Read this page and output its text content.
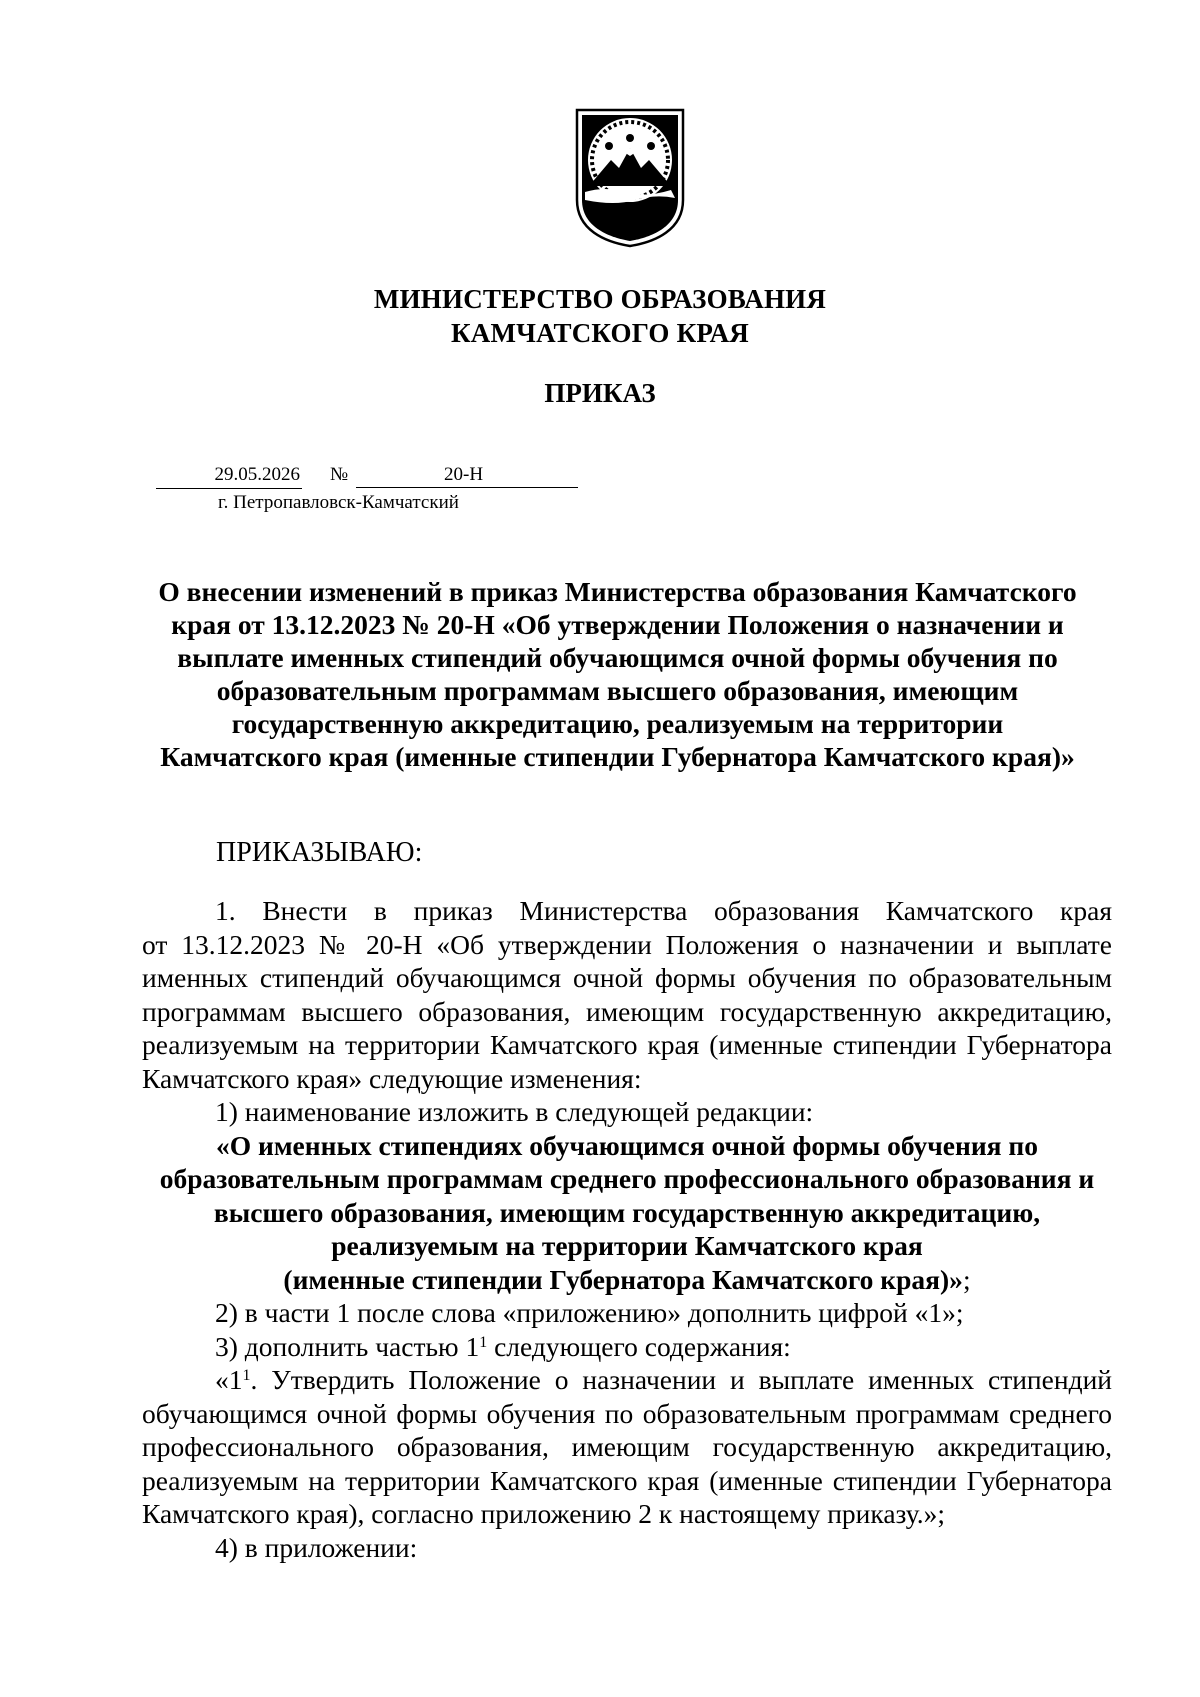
МИНИСТЕРСТВО ОБРАЗОВАНИЯ
КАМЧАТСКОГО КРАЯ
ПРИКАЗ
29.05.2026 №	20-Н
г. Петропавловск-Камчатский
О внесении изменений в приказ Министерства образования Камчатского
края от 13.12.2023 № 20-Н «Об утверждении Положения о назначении и
выплате именных стипендий обучающимся очной формы обучения по
образовательным программам высшего образования, имеющим
государственную аккредитацию, реализуемым на территории
Камчатского края (именные стипендии Губернатора Камчатского края)»
ПРИКАЗЫВАЮ:

1. Внести в приказ Министерства образования Камчатского края

от 13.12.2023 № 20-Н «Об утверждении Положения о назначении и выплате

именных стипендий обучающимся очной формы обучения по образовательным

программам высшего образования, имеющим государственную аккредитацию,

реализуемым на территории Камчатского края (именные стипендии Губернатора

Камчатского края» следующие изменения:

1) наименование изложить в следующей редакции:

«О именных стипендиях обучающимся очной формы обучения по
образовательным программам среднего профессионального образования и
высшего образования, имеющим государственную аккредитацию,
реализуемым на территории Камчатского края
(именные стипендии Губернатора Камчатского края)»;

2) в части 1 после слова «приложению» дополнить цифрой «1»;

3) дополнить частью $1^1$ следующего содержания:

«$1^1$. Утвердить Положение о назначении и выплате именных стипендий

обучающимся очной формы обучения по образовательным программам среднего

профессионального образования, имеющим государственную аккредитацию,

реализуемым на территории Камчатского края (именные стипендии Губернатора

Камчатского края), согласно приложению 2 к настоящему приказу.»;

4) в приложении:
